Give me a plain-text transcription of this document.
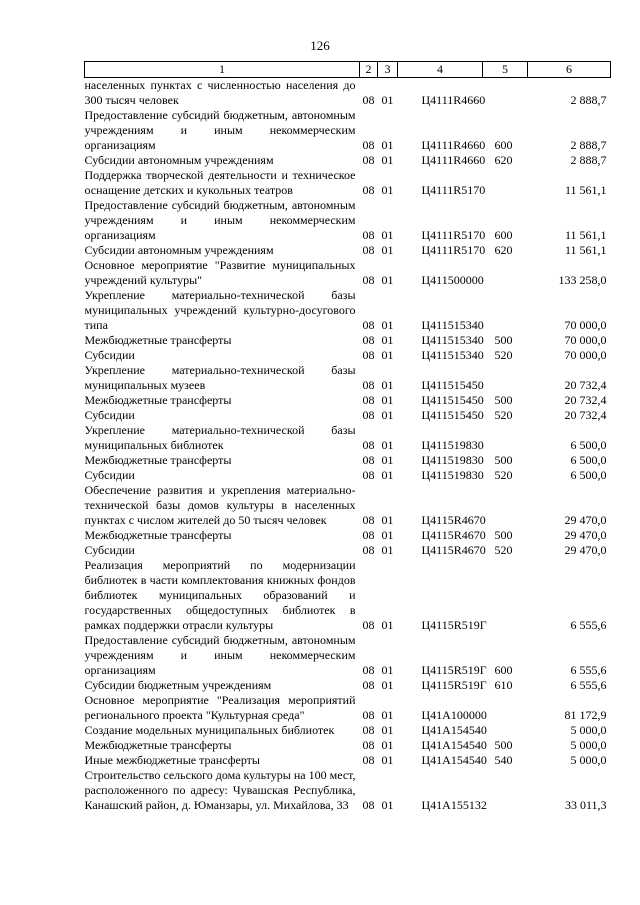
126
1	2	3	4	5	6
населенных пунктах с численностью населения до 300 тысяч человек	08	01	Ц4111R4660		2 888,7
Предоставление субсидий бюджетным, автономным учреждениям и иным некоммерческим организациям	08	01	Ц4111R4660	600	2 888,7
Субсидии автономным учреждениям	08	01	Ц4111R4660	620	2 888,7
Поддержка творческой деятельности и техническое оснащение детских и кукольных театров	08	01	Ц4111R5170		11 561,1
Предоставление субсидий бюджетным, автономным учреждениям и иным некоммерческим организациям	08	01	Ц4111R5170	600	11 561,1
Субсидии автономным учреждениям	08	01	Ц4111R5170	620	11 561,1
Основное мероприятие "Развитие муниципальных учреждений культуры"	08	01	Ц411500000		133 258,0
Укрепление материально-технической базы муниципальных учреждений культурно-досугового типа	08	01	Ц411515340		70 000,0
Межбюджетные трансферты	08	01	Ц411515340	500	70 000,0
Субсидии	08	01	Ц411515340	520	70 000,0
Укрепление материально-технической базы муниципальных музеев	08	01	Ц411515450		20 732,4
Межбюджетные трансферты	08	01	Ц411515450	500	20 732,4
Субсидии	08	01	Ц411515450	520	20 732,4
Укрепление материально-технической базы муниципальных библиотек	08	01	Ц411519830		6 500,0
Межбюджетные трансферты	08	01	Ц411519830	500	6 500,0
Субсидии	08	01	Ц411519830	520	6 500,0
Обеспечение развития и укрепления материально-технической базы домов культуры в населенных пунктах с числом жителей до 50 тысяч человек	08	01	Ц4115R4670		29 470,0
Межбюджетные трансферты	08	01	Ц4115R4670	500	29 470,0
Субсидии	08	01	Ц4115R4670	520	29 470,0
Реализация мероприятий по модернизации библиотек в части комплектования книжных фондов библиотек муниципальных образований и государственных общедоступных библиотек в рамках поддержки отрасли культуры	08	01	Ц4115R519Г		6 555,6
Предоставление субсидий бюджетным, автономным учреждениям и иным некоммерческим организациям	08	01	Ц4115R519Г	600	6 555,6
Субсидии бюджетным учреждениям	08	01	Ц4115R519Г	610	6 555,6
Основное мероприятие "Реализация мероприятий регионального проекта "Культурная среда"	08	01	Ц41А100000		81 172,9
Создание модельных муниципальных библиотек	08	01	Ц41А154540		5 000,0
Межбюджетные трансферты	08	01	Ц41А154540	500	5 000,0
Иные межбюджетные трансферты	08	01	Ц41А154540	540	5 000,0
Строительство сельского дома культуры на 100 мест, расположенного по адресу: Чувашская Республика, Канашский район, д. Юманзары, ул. Михайлова, 33	08	01	Ц41А155132		33 011,3
